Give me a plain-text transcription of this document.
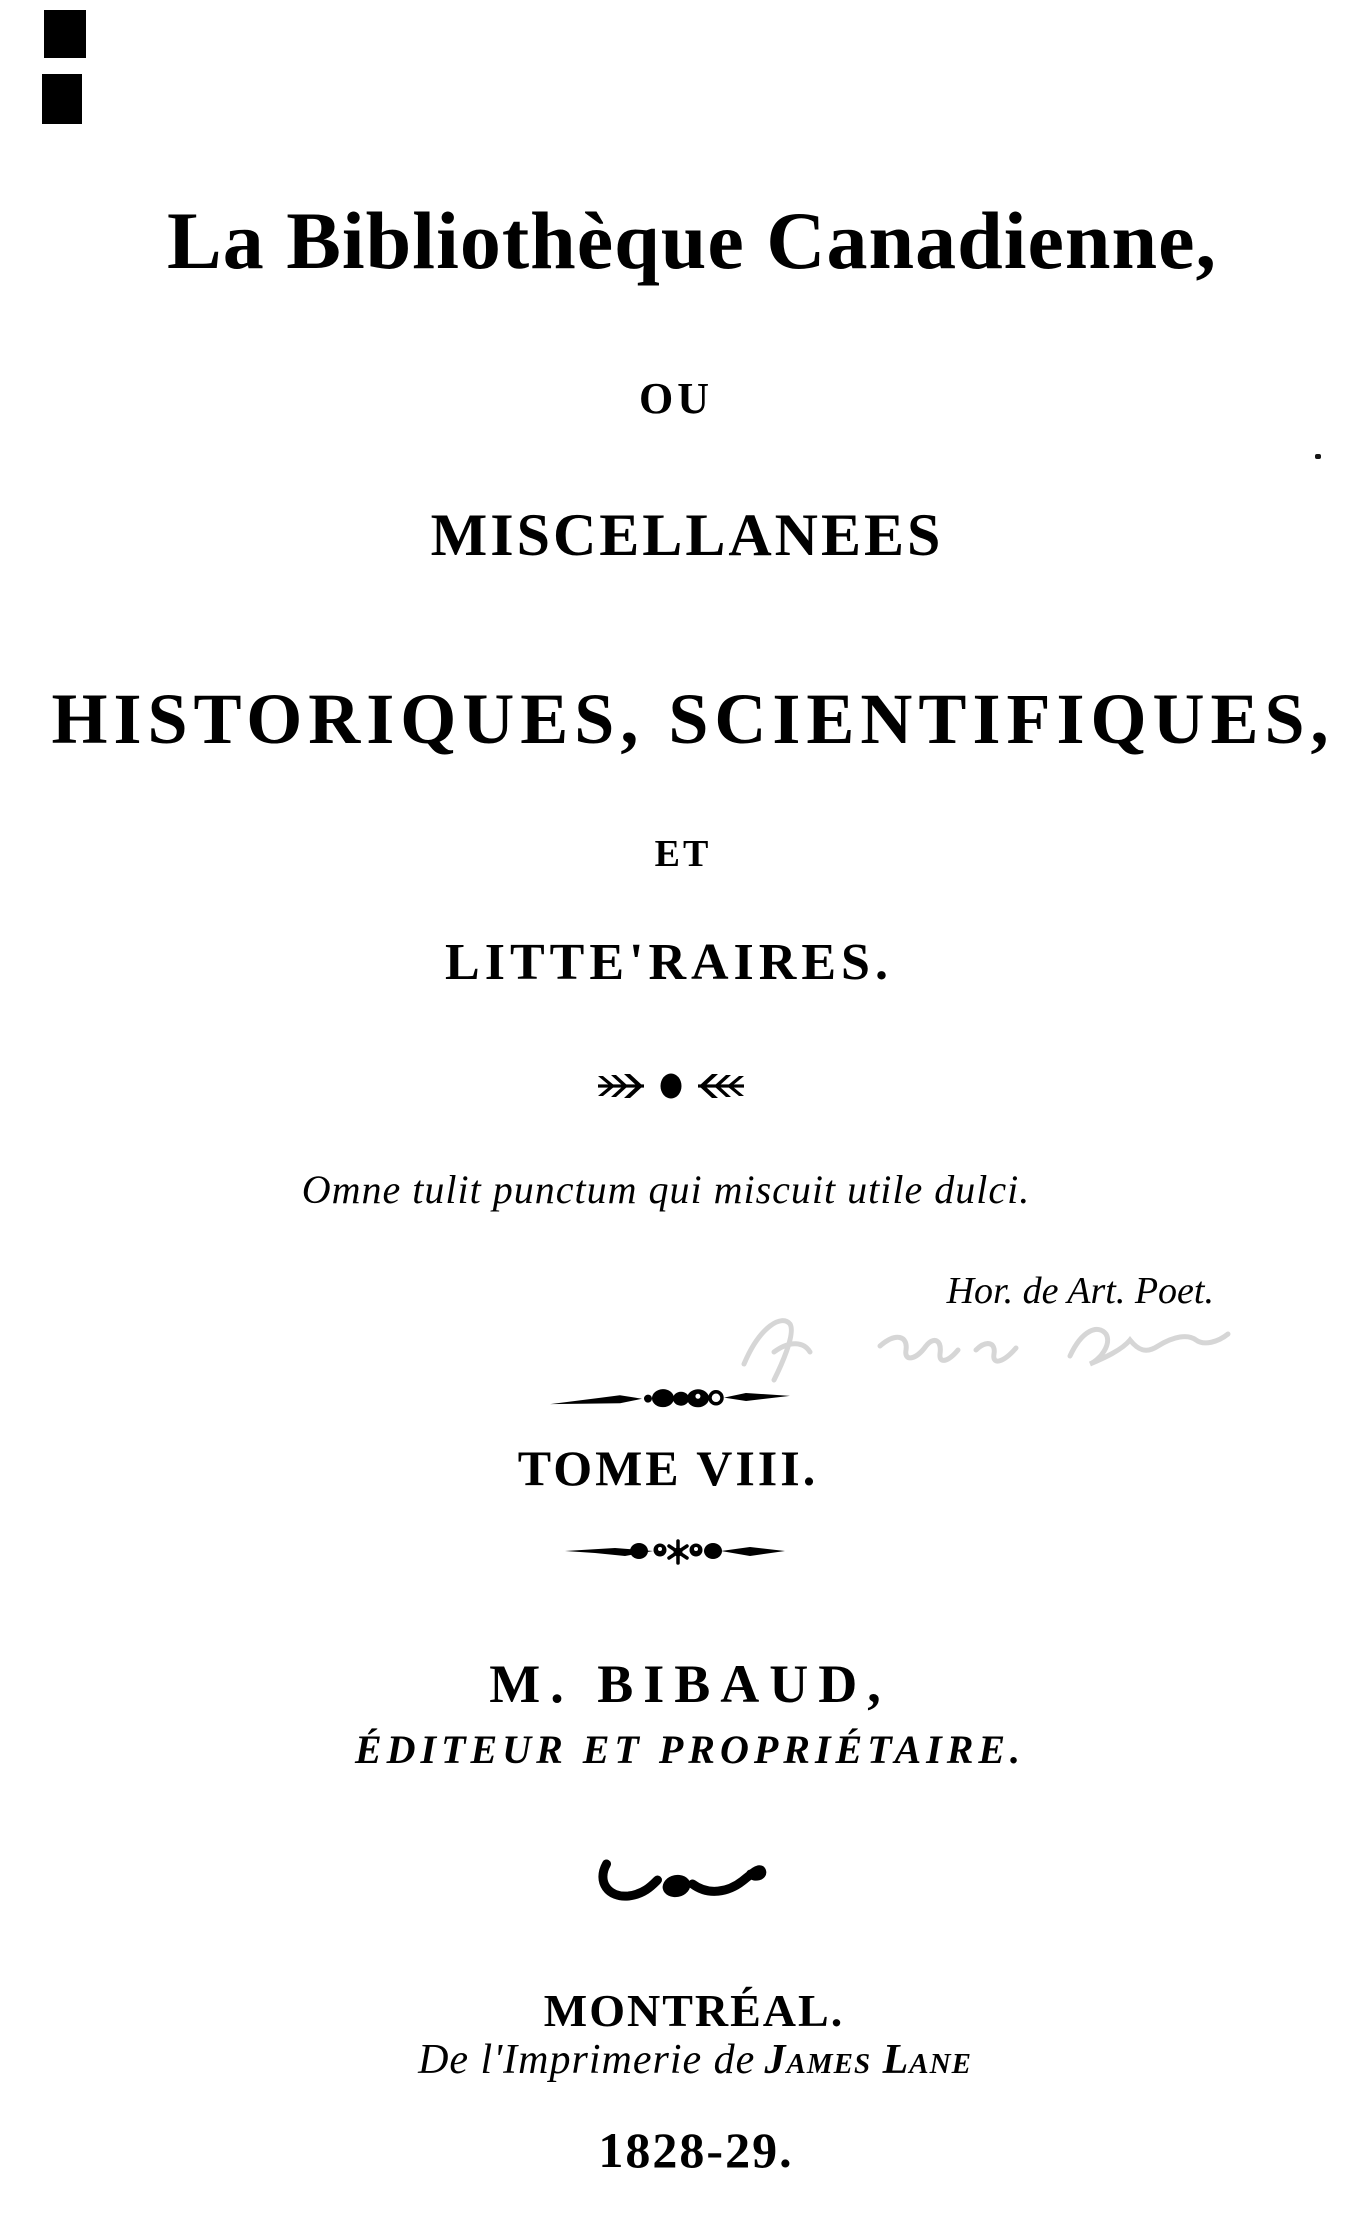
La Bibliothèque Canadienne,
OU
MISCELLANEES
HISTORIQUES, SCIENTIFIQUES,
ET
LITTE'RAIRES.
Omne tulit punctum qui miscuit utile dulci.
Hor. de Art. Poet.
TOME VIII.
M. BIBAUD,
ÉDITEUR ET PROPRIÉTAIRE.
MONTRÉAL.
De l'Imprimerie de James Lane
1828-29.
